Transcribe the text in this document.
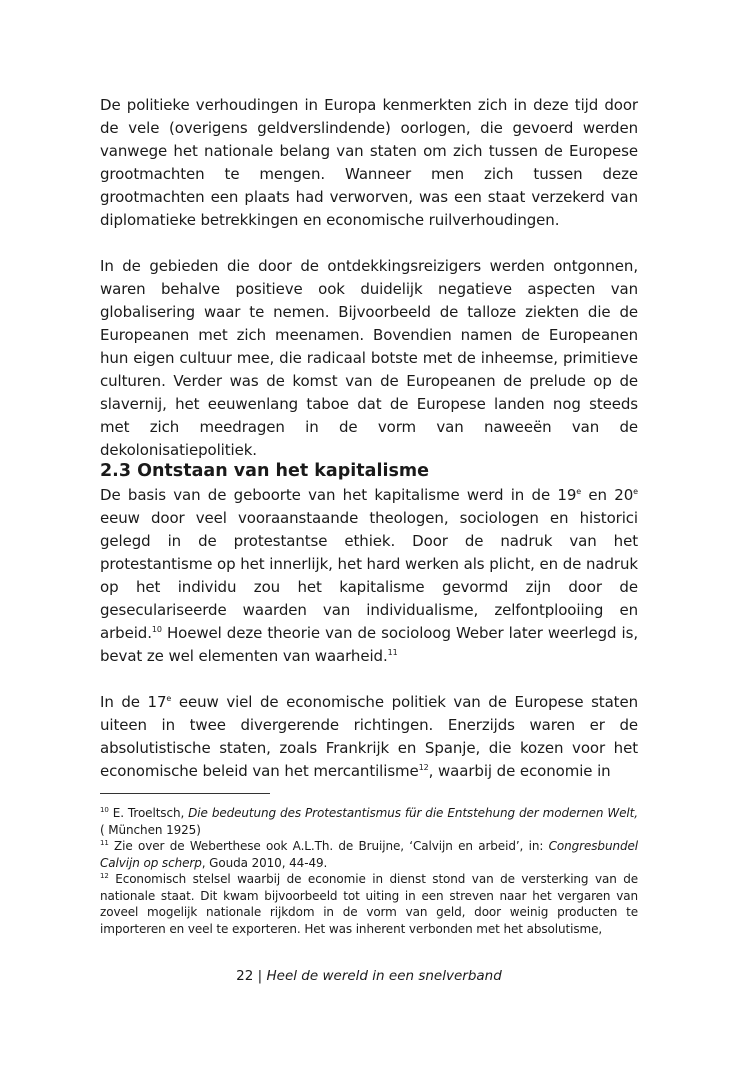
De politieke verhoudingen in Europa kenmerkten zich in deze tijd door de vele (overigens geldverslindende) oorlogen, die gevoerd werden vanwege het nationale belang van staten om zich tussen de Europese grootmachten te mengen. Wanneer men zich tussen deze grootmachten een plaats had verworven, was een staat verzekerd van diplomatieke betrekkingen en economische ruilverhoudingen.

In de gebieden die door de ontdekkingsreizigers werden ontgonnen, waren behalve positieve ook duidelijk negatieve aspecten van globalisering waar te nemen. Bijvoorbeeld de talloze ziekten die de Europeanen met zich meenamen. Bovendien namen de Europeanen hun eigen cultuur mee, die radicaal botste met de inheemse, primitieve culturen. Verder was de komst van de Europeanen de prelude op de slavernij, het eeuwenlang taboe dat de Europese landen nog steeds met zich meedragen in de vorm van naweeën van de dekolonisatiepolitiek.

2.3 Ontstaan van het kapitalisme

De basis van de geboorte van het kapitalisme werd in de 19e en 20e eeuw door veel vooraanstaande theologen, sociologen en historici gelegd in de protestantse ethiek. Door de nadruk van het protestantisme op het innerlijk, het hard werken als plicht, en de nadruk op het individu zou het kapitalisme gevormd zijn door de geseculariseerde waarden van individualisme, zelfontplooiing en arbeid.$^{10}$ Hoewel deze theorie van de socioloog Weber later weerlegd is, bevat ze wel elementen van waarheid.$^{11}$

In de 17e eeuw viel de economische politiek van de Europese staten uiteen in twee divergerende richtingen. Enerzijds waren er de absolutistische staten, zoals Frankrijk en Spanje, die kozen voor het economische beleid van het mercantilisme$^{12}$, waarbij de economie in

$^{10}$ E. Troeltsch, Die bedeutung des Protestantismus für die Entstehung der modernen Welt, ( München 1925)

$^{11}$ Zie over de Weberthese ook A.L.Th. de Bruijne, ‘Calvijn en arbeid’, in: Congresbundel Calvijn op scherp, Gouda 2010, 44-49.

$^{12}$ Economisch stelsel waarbij de economie in dienst stond van de versterking van de nationale staat. Dit kwam bijvoorbeeld tot uiting in een streven naar het vergaren van zoveel mogelijk nationale rijkdom in de vorm van geld, door weinig producten te importeren en veel te exporteren. Het was inherent verbonden met het absolutisme,

22 | Heel de wereld in een snelverband
